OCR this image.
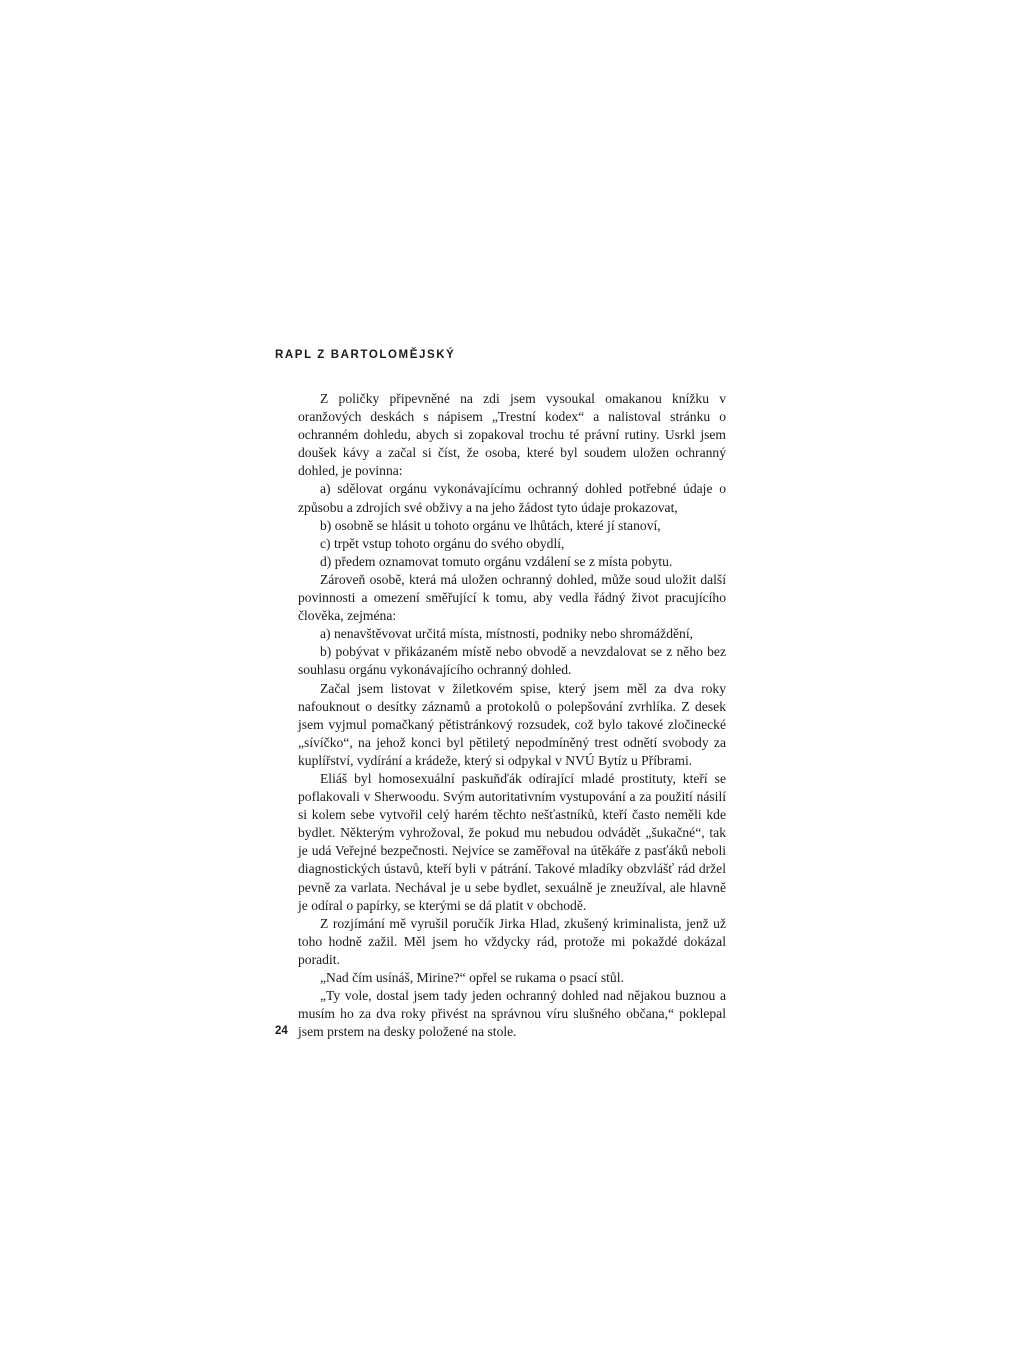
RAPL Z BARTOLOMĚJSKÝ

Z poličky připevněné na zdi jsem vysoukal omakanou knížku v oranžových deskách s nápisem „Trestní kodex“ a nalistoval stránku o ochranném dohledu, abych si zopakoval trochu té právní rutiny. Usrkl jsem doušek kávy a začal si číst, že osoba, které byl soudem uložen ochranný dohled, je povinna:

a) sdělovat orgánu vykonávajícímu ochranný dohled potřebné údaje o způsobu a zdrojích své obživy a na jeho žádost tyto údaje prokazovat,

b) osobně se hlásit u tohoto orgánu ve lhůtách, které jí stanoví,

c) trpět vstup tohoto orgánu do svého obydlí,

d) předem oznamovat tomuto orgánu vzdálení se z místa pobytu.

Zároveň osobě, která má uložen ochranný dohled, může soud uložit další povinnosti a omezení směřující k tomu, aby vedla řádný život pracujícího člověka, zejména:

a) nenavštěvovat určitá místa, místnosti, podniky nebo shromáždění,

b) pobývat v přikázaném místě nebo obvodě a nevzdalovat se z něho bez souhlasu orgánu vykonávajícího ochranný dohled.

Začal jsem listovat v žiletkovém spise, který jsem měl za dva roky nafouknout o desítky záznamů a protokolů o polepšování zvrhlíka. Z desek jsem vyjmul pomačkaný pětistránkový rozsudek, což bylo takové zločinecké „sívíčko“, na jehož konci byl pětiletý nepodmíněný trest odnětí svobody za kuplířství, vydírání a krádeže, který si odpykal v NVÚ Bytíz u Příbrami.

Eliáš byl homosexuální paskuňďák odírající mladé prostituty, kteří se poflakovali v Sherwoodu. Svým autoritativním vystupování a za použití násilí si kolem sebe vytvořil celý harém těchto nešťastníků, kteří často neměli kde bydlet. Některým vyhrožoval, že pokud mu nebudou odvádět „šukačné“, tak je udá Veřejné bezpečnosti. Nejvíce se zaměřoval na útěkáře z pasťáků neboli diagnostických ústavů, kteří byli v pátrání. Takové mladíky obzvlášť rád držel pevně za varlata. Nechával je u sebe bydlet, sexuálně je zneužíval, ale hlavně je odíral o papírky, se kterými se dá platit v obchodě.

Z rozjímání mě vyrušil poručík Jirka Hlad, zkušený kriminalista, jenž už toho hodně zažil. Měl jsem ho vždycky rád, protože mi pokaždé dokázal poradit.

„Nad čím usínáš, Mirine?“ opřel se rukama o psací stůl.

„Ty vole, dostal jsem tady jeden ochranný dohled nad nějakou buznou a musím ho za dva roky přivést na správnou víru slušného občana,“ poklepal jsem prstem na desky položené na stole.

24
